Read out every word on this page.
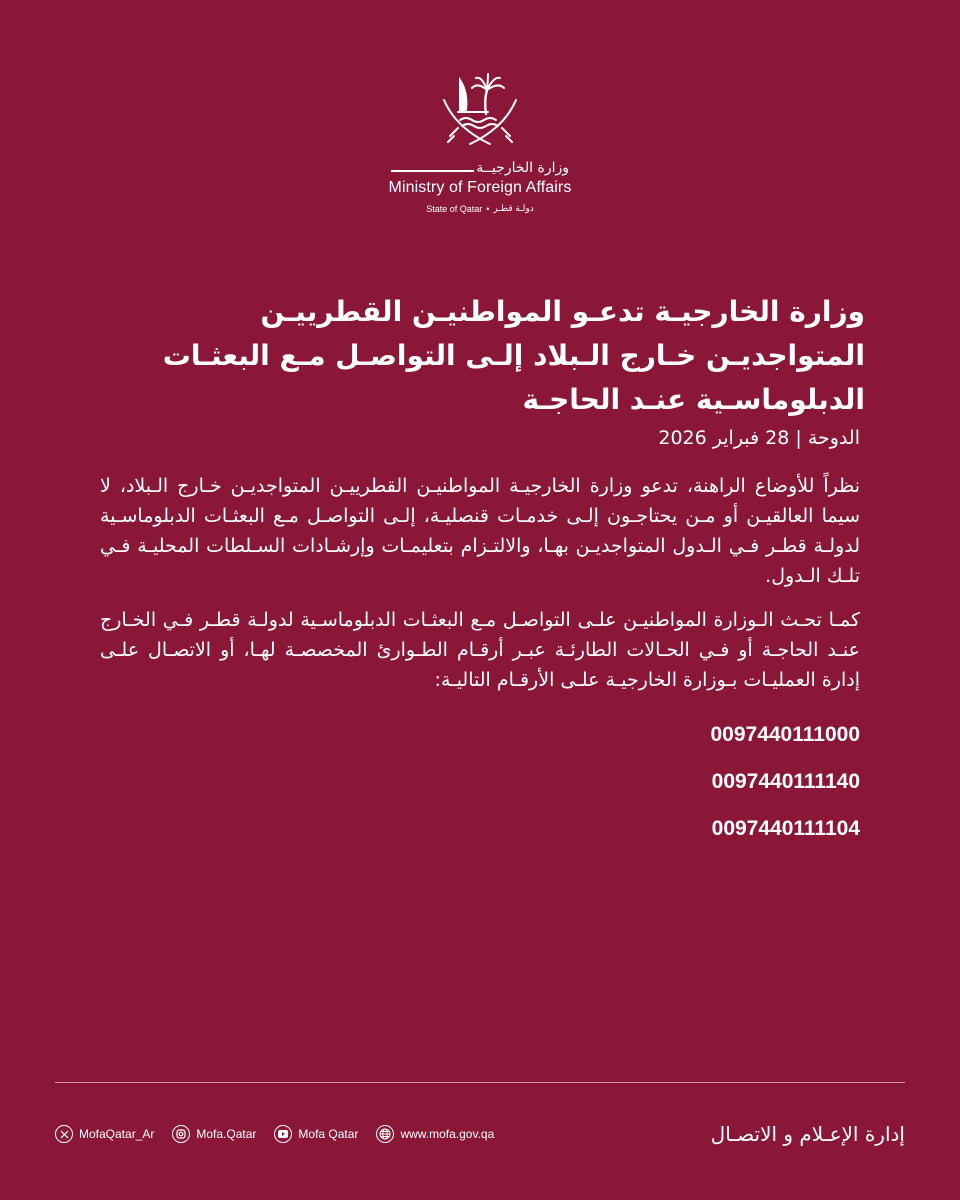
وزارة الخارجيــة
Ministry of Foreign Affairs
State of Qatar • دولـة قطـر
وزارة الخارجيـة تدعـو المواطنيـن القطرييـن المتواجديـن خـارج الـبلاد إلـى التواصـل مـع البعثـات الدبلوماسـية عنـد الحاجـة

الدوحة | 28 فبراير 2026

نظراً للأوضاع الراهنة، تدعو وزارة الخارجيـة المواطنيـن القطرييـن المتواجديـن خـارج الـبلاد، لا سيما العالقيـن أو مـن يحتاجـون إلـى خدمـات قنصليـة، إلـى التواصـل مـع البعثـات الدبلوماسـية لدولـة قطـر فـي الـدول المتواجديـن بهـا، والالتـزام بتعليمـات وإرشـادات السـلطات المحليـة فـي تلـك الـدول.

كمـا تحـث الـوزارة المواطنيـن علـى التواصـل مـع البعثـات الدبلوماسـية لدولـة قطـر فـي الخـارج عنـد الحاجـة أو فـي الحـالات الطارئـة عبـر أرقـام الطـوارئ المخصصـة لهـا، أو الاتصـال علـى إدارة العمليـات بـوزارة الخارجيـة علـى الأرقـام التاليـة:

0097440111000
0097440111140
0097440111104
MofaQatar_Ar	Mofa.Qatar	Mofa Qatar	www.mofa.gov.qa	إدارة الإعـلام و الاتصـال
